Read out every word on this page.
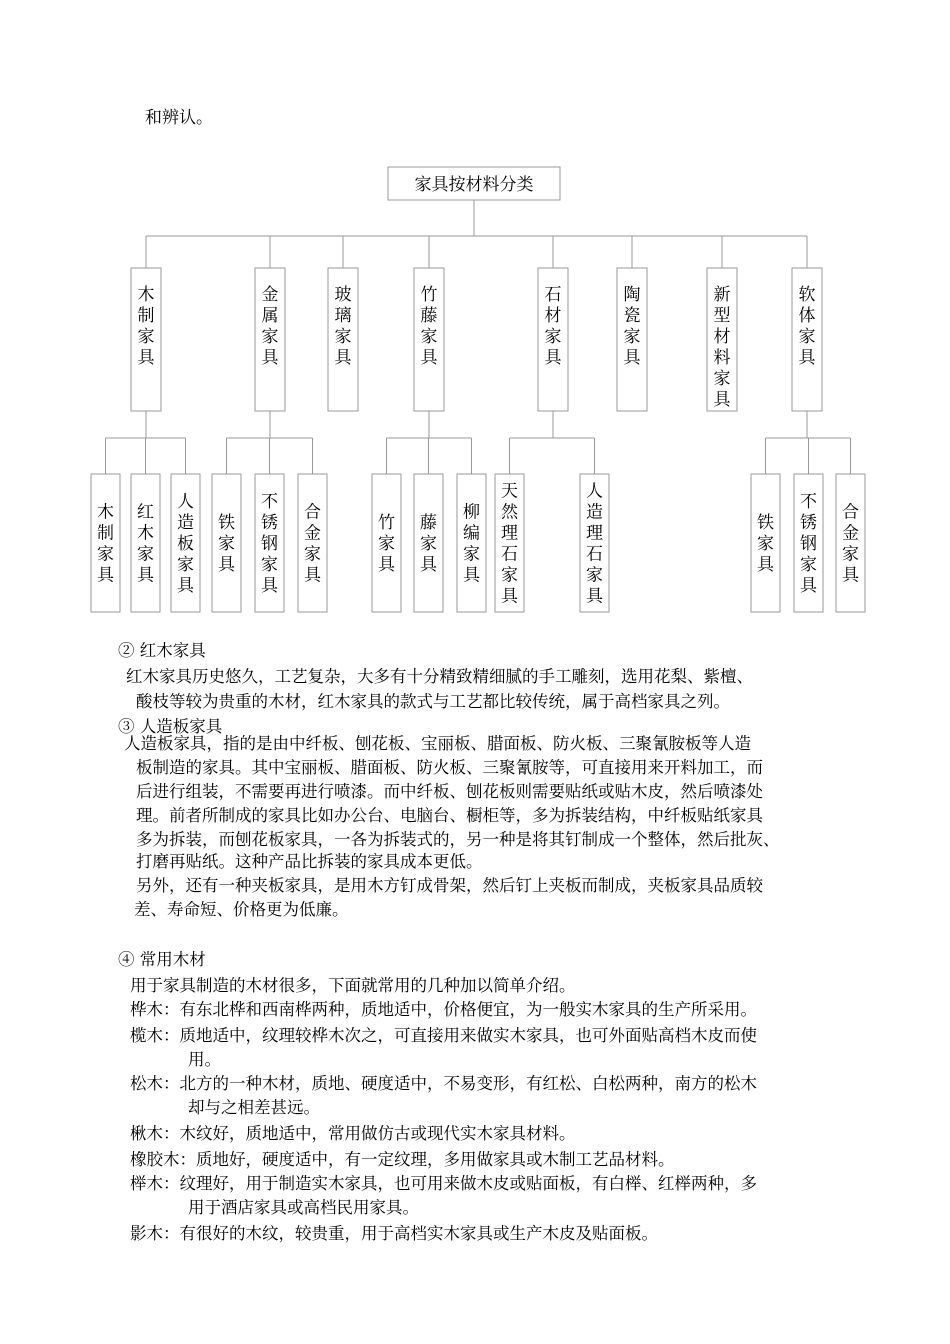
和辨认。
家具按材料分类
木
制
家
具
金
属
家
具
玻
璃
家
具
竹
藤
家
具
石
材
家
具
陶
瓷
家
具
新
型
材
料
家
具
软
体
家
具
木
制
家
具
红
木
家
具
人
造
板
家
具
铁
家
具
不
锈
钢
家
具
合
金
家
具
竹
家
具
藤
家
具
柳
编
家
具
天
然
理
石
家
具
人
造
理
石
家
具
铁
家
具
不
锈
钢
家
具
合
金
家
具
② 红木家具
红木家具历史悠久，工艺复杂，大多有十分精致精细腻的手工雕刻，选用花梨、紫檀、
酸枝等较为贵重的木材，红木家具的款式与工艺都比较传统，属于高档家具之列。
③ 人造板家具
人造板家具，指的是由中纤板、刨花板、宝丽板、腊面板、防火板、三聚氰胺板等人造
板制造的家具。其中宝丽板、腊面板、防火板、三聚氰胺等，可直接用来开料加工，而
后进行组装，不需要再进行喷漆。而中纤板、刨花板则需要贴纸或贴木皮，然后喷漆处
理。前者所制成的家具比如办公台、电脑台、橱柜等，多为拆装结构，中纤板贴纸家具
多为拆装，而刨花板家具，一各为拆装式的，另一种是将其钉制成一个整体，然后批灰、
打磨再贴纸。这种产品比拆装的家具成本更低。
另外，还有一种夹板家具，是用木方钉成骨架，然后钉上夹板而制成，夹板家具品质较
差、寿命短、价格更为低廉。
④ 常用木材
用于家具制造的木材很多，下面就常用的几种加以简单介绍。
桦木：有东北桦和西南桦两种，质地适中，价格便宜，为一般实木家具的生产所采用。
榄木：质地适中，纹理较桦木次之，可直接用来做实木家具，也可外面贴高档木皮而使
用。
松木：北方的一种木材，质地、硬度适中，不易变形，有红松、白松两种，南方的松木
却与之相差甚远。
楸木：木纹好，质地适中，常用做仿古或现代实木家具材料。
橡胶木：质地好，硬度适中，有一定纹理，多用做家具或木制工艺品材料。
榉木：纹理好，用于制造实木家具，也可用来做木皮或贴面板，有白榉、红榉两种，多
用于酒店家具或高档民用家具。
影木：有很好的木纹，较贵重，用于高档实木家具或生产木皮及贴面板。
